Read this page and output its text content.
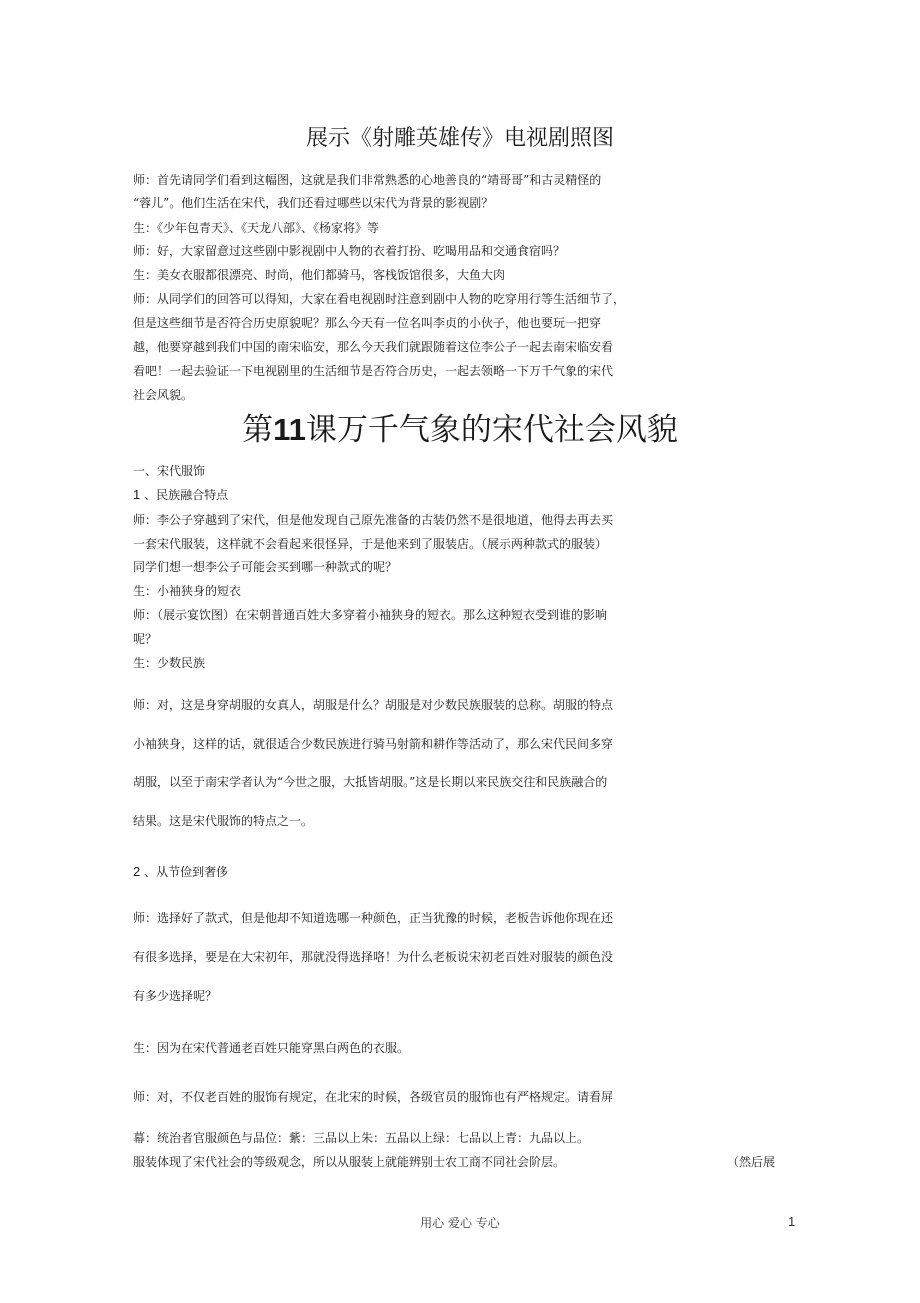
展示《射雕英雄传》电视剧照图
师：首先请同学们看到这幅图，这就是我们非常熟悉的心地善良的“靖哥哥”和古灵精怪的
“蓉儿”。他们生活在宋代，我们还看过哪些以宋代为背景的影视剧？
生：《少年包青天》、《天龙八部》、《杨家将》等
师：好，大家留意过这些剧中影视剧中人物的衣着打扮、吃喝用品和交通食宿吗？
生：美女衣服都很漂亮、时尚，他们都骑马，客栈饭馆很多，大鱼大肉
师：从同学们的回答可以得知，大家在看电视剧时注意到剧中人物的吃穿用行等生活细节了，
但是这些细节是否符合历史原貌呢？那么今天有一位名叫李贞的小伙子，他也要玩一把穿
越，他要穿越到我们中国的南宋临安，那么今天我们就跟随着这位李公子一起去南宋临安看
看吧！一起去验证一下电视剧里的生活细节是否符合历史，一起去领略一下万千气象的宋代
社会风貌。
第11课万千气象的宋代社会风貌
一、宋代服饰
1 、民族融合特点
师：李公子穿越到了宋代，但是他发现自己原先准备的古装仍然不是很地道，他得去再去买
一套宋代服装，这样就不会看起来很怪异，于是他来到了服装店。（展示两种款式的服装）
同学们想一想李公子可能会买到哪一种款式的呢？
生：小袖狭身的短衣
师：（展示宴饮图）在宋朝普通百姓大多穿着小袖狭身的短衣。那么这种短衣受到谁的影响
呢？
生：少数民族
师：对，这是身穿胡服的女真人，胡服是什么？胡服是对少数民族服装的总称。胡服的特点
小袖狭身，这样的话，就很适合少数民族进行骑马射箭和耕作等活动了，那么宋代民间多穿
胡服，以至于南宋学者认为“今世之服，大抵皆胡服。”这是长期以来民族交往和民族融合的
结果。这是宋代服饰的特点之一。
2 、从节俭到奢侈
师：选择好了款式，但是他却不知道选哪一种颜色，正当犹豫的时候，老板告诉他你现在还
有很多选择，要是在大宋初年，那就没得选择咯！为什么老板说宋初老百姓对服装的颜色没
有多少选择呢？
生：因为在宋代普通老百姓只能穿黑白两色的衣服。
师：对，不仅老百姓的服饰有规定，在北宋的时候，各级官员的服饰也有严格规定。请看屏
幕：统治者官服颜色与品位：紫：三品以上朱：五品以上绿：七品以上青：九品以上。
服装体现了宋代社会的等级观念，所以从服装上就能辨别士农工商不同社会阶层。	（然后展
用心 爱心 专心	1
